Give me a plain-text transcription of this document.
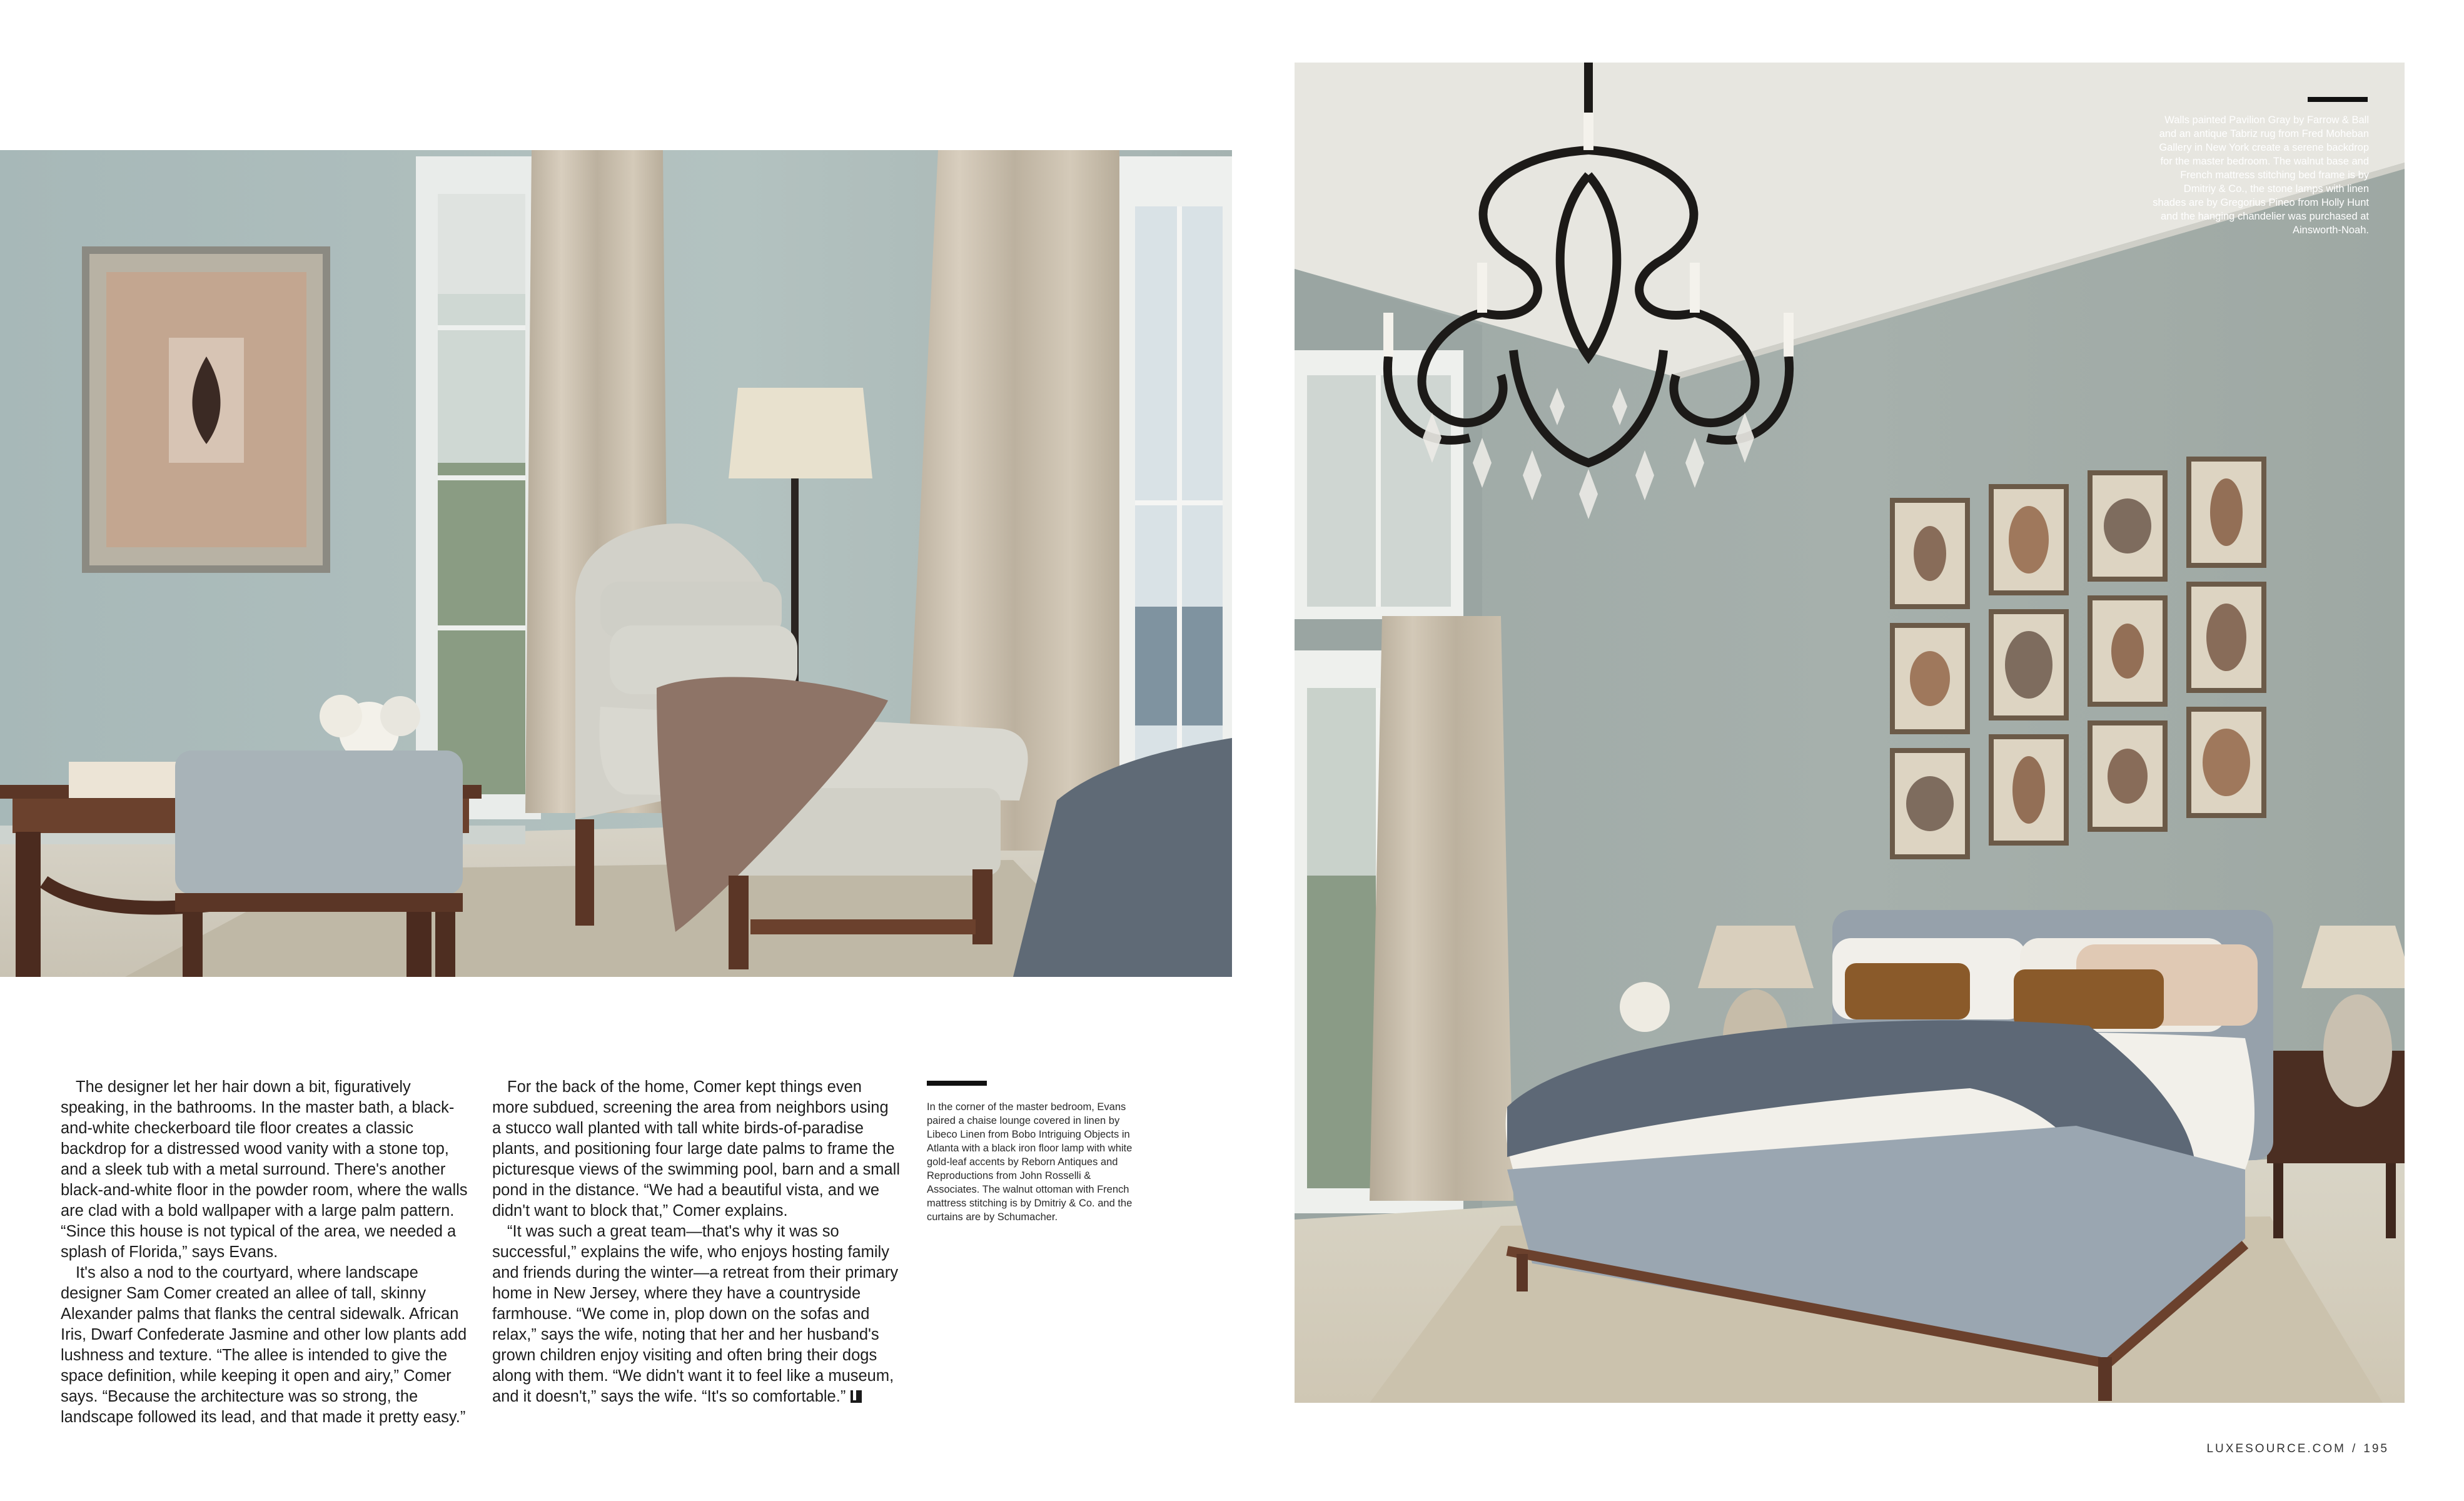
The designer let her hair down a bit, figuratively speaking, in the bathrooms. In the master bath, a black-and-white checkerboard tile floor creates a classic backdrop for a distressed wood vanity with a stone top, and a sleek tub with a metal surround. There's another black-and-white floor in the powder room, where the walls are clad with a bold wallpaper with a large palm pattern. “Since this house is not typical of the area, we needed a splash of Florida,” says Evans.

It's also a nod to the courtyard, where landscape designer Sam Comer created an allee of tall, skinny Alexander palms that flanks the central sidewalk. African Iris, Dwarf Confederate Jasmine and other low plants add lushness and texture. “The allee is intended to give the space definition, while keeping it open and airy,” Comer says. “Because the architecture was so strong, the landscape followed its lead, and that made it pretty easy.”

For the back of the home, Comer kept things even more subdued, screening the area from neighbors using a stucco wall planted with tall white birds-of-paradise plants, and positioning four large date palms to frame the picturesque views of the swimming pool, barn and a small pond in the distance. “We had a beautiful vista, and we didn't want to block that,” Comer explains.

“It was such a great team—that's why it was so successful,” explains the wife, who enjoys hosting family and friends during the winter—a retreat from their primary home in New Jersey, where they have a countryside farmhouse. “We come in, plop down on the sofas and relax,” says the wife, noting that her and her husband's grown children enjoy visiting and often bring their dogs along with them. “We didn't want it to feel like a museum, and it doesn't,” says the wife. “It's so comfortable.”

In the corner of the master bedroom, Evans paired a chaise lounge covered in linen by Libeco Linen from Bobo Intriguing Objects in Atlanta with a black iron floor lamp with white gold-leaf accents by Reborn Antiques and Reproductions from John Rosselli & Associates. The walnut ottoman with French mattress stitching is by Dmitriy & Co. and the curtains are by Schumacher.
Walls painted Pavilion Gray by Farrow & Ball and an antique Tabriz rug from Fred Moheban Gallery in New York create a serene backdrop for the master bedroom. The walnut base and French mattress stitching bed frame is by Dmitriy & Co., the stone lamps with linen shades are by Gregorius Pineo from Holly Hunt and the hanging chandelier was purchased at Ainsworth-Noah.
LUXESOURCE.COM / 195
